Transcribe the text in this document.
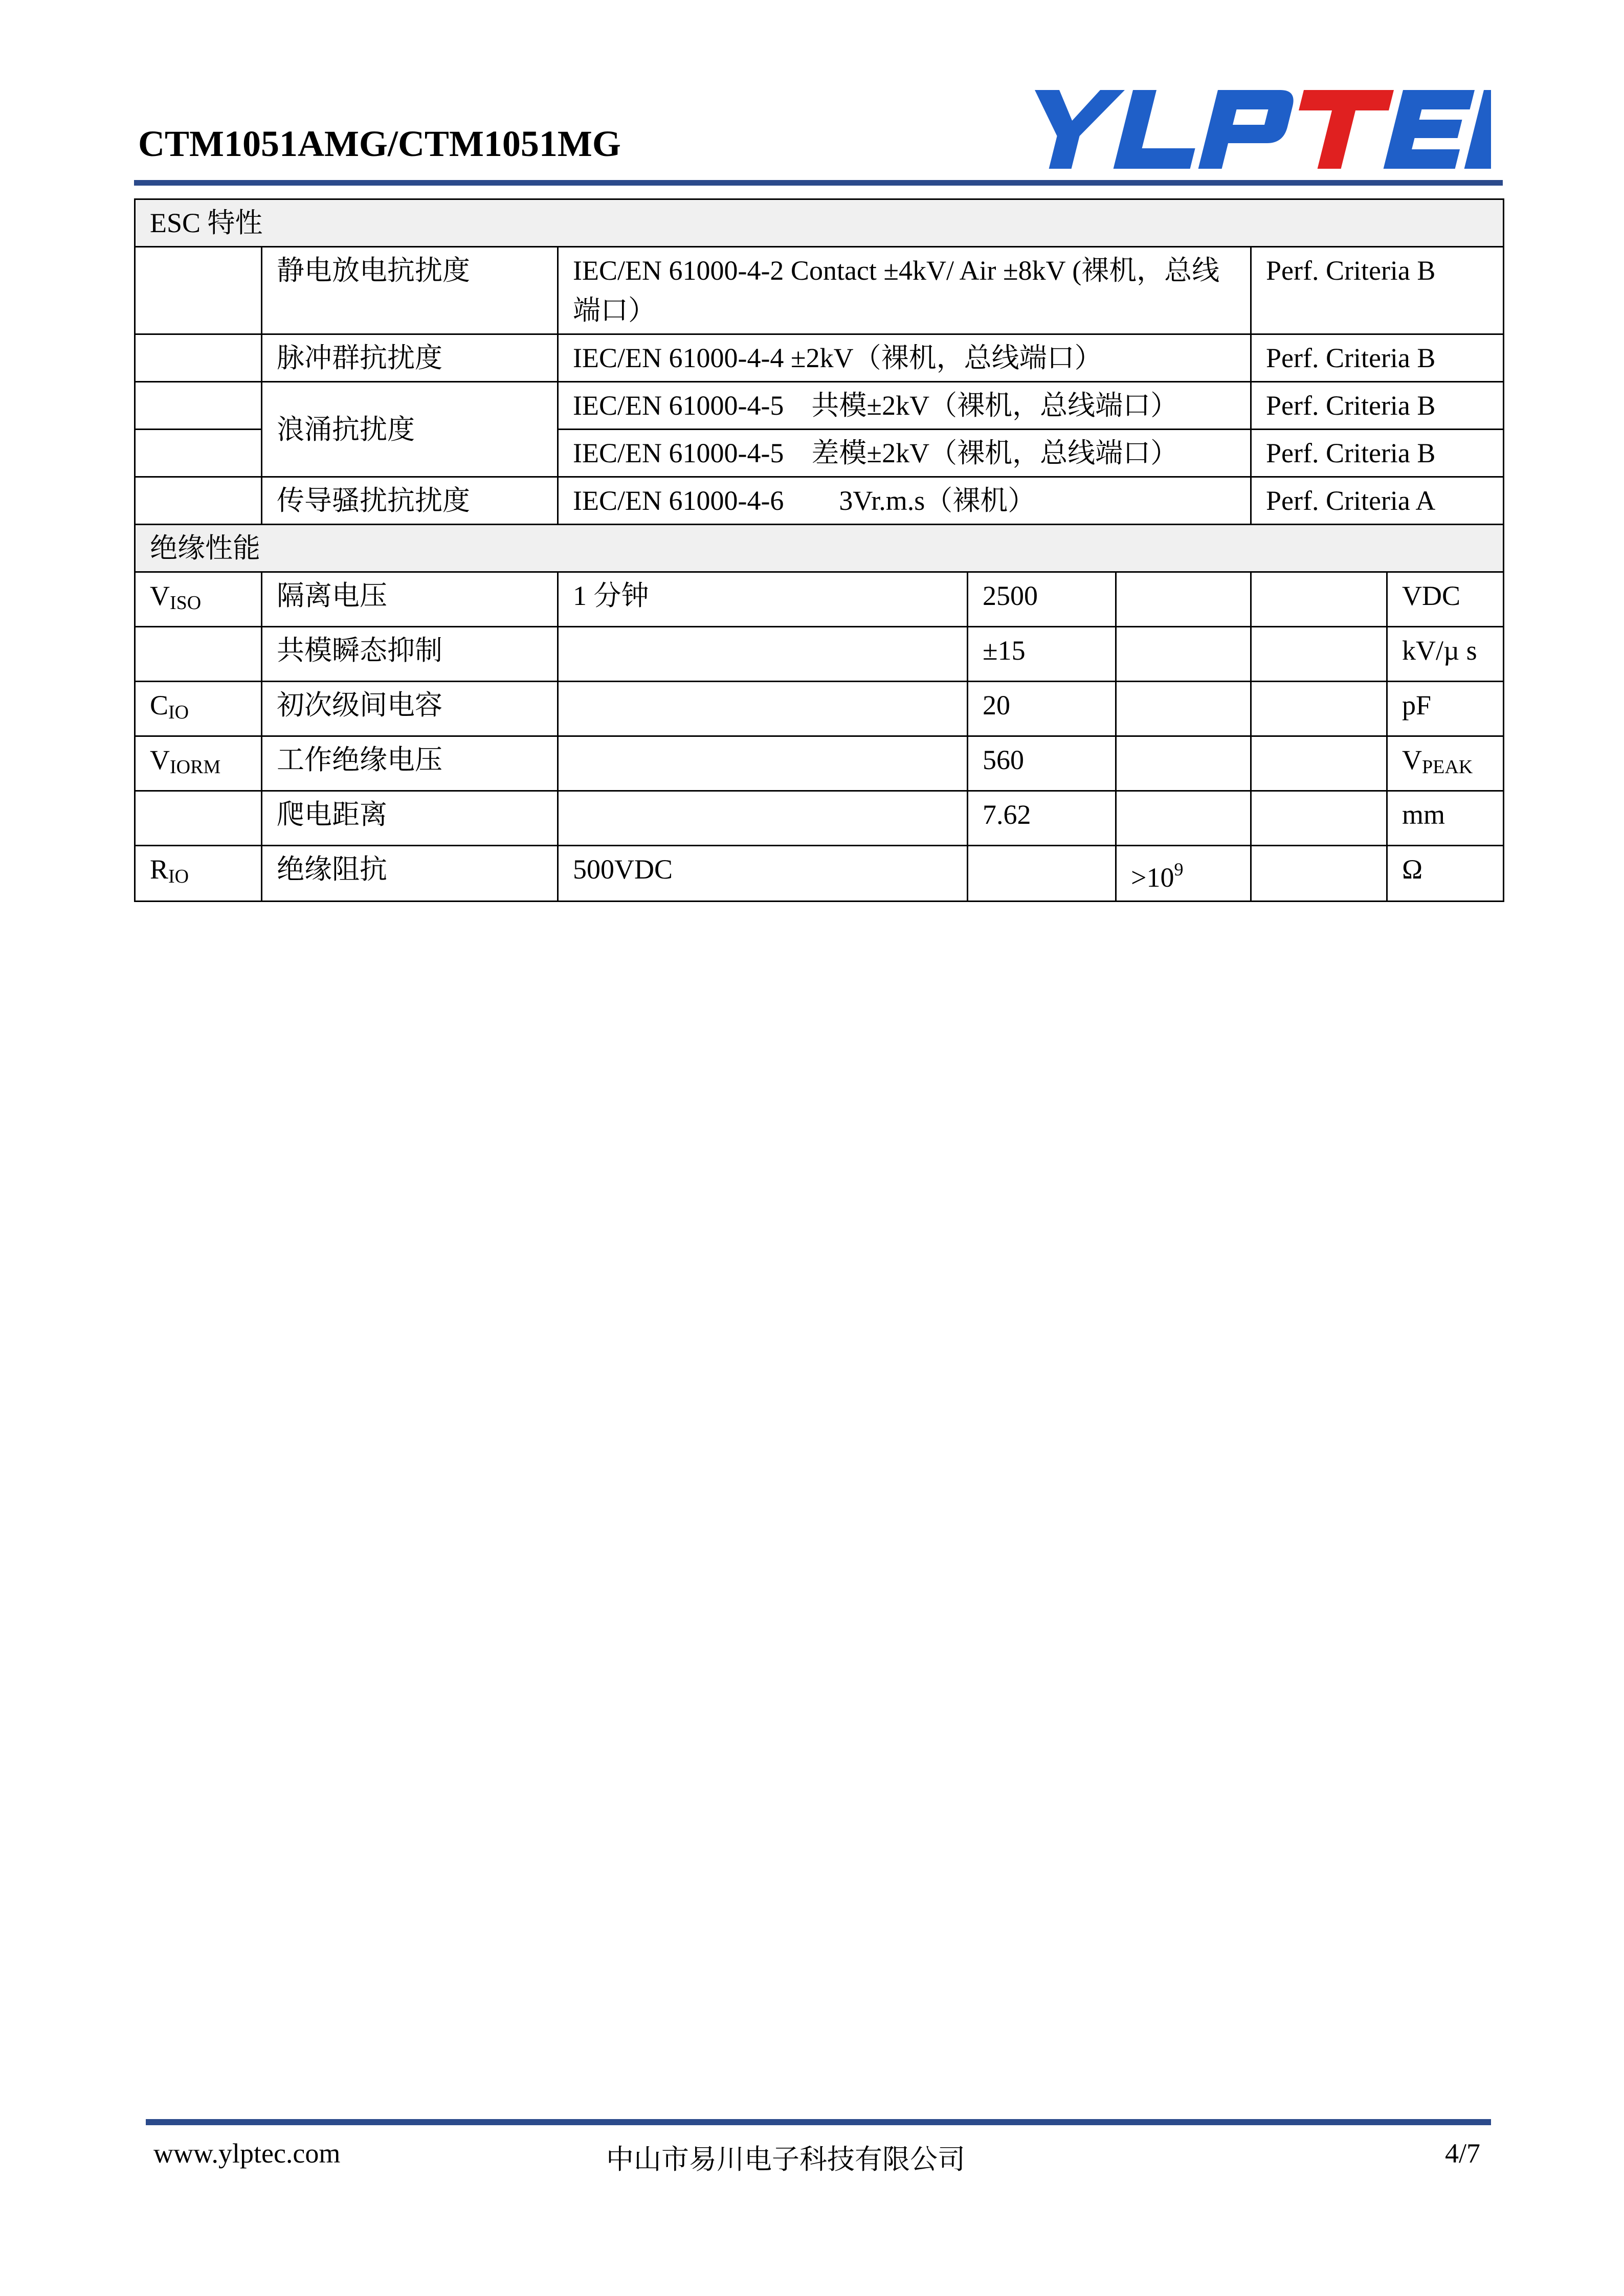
CTM1051AMG/CTM1051MG
ESC 特性						
	静电放电抗扰度	IEC/EN 61000-4-2 Contact ±4kV/ Air ±8kV (裸机，总线端口）			Perf. Criteria B	
	脉冲群抗扰度	IEC/EN 61000-4-4 ±2kV（裸机，总线端口）			Perf. Criteria B	
	浪涌抗扰度	IEC/EN 61000-4-5　共模±2kV（裸机，总线端口）			Perf. Criteria B	
		IEC/EN 61000-4-5　差模±2kV（裸机，总线端口）			Perf. Criteria B	
	传导骚扰抗扰度	IEC/EN 61000-4-6　　3Vr.m.s（裸机）			Perf. Criteria A	
绝缘性能						
$V_{ISO}$	隔离电压	1 分钟	2500			VDC
	共模瞬态抑制		±15			kV/µ s
$C_{IO}$	初次级间电容		20			pF
$V_{IORM}$	工作绝缘电压		560			$V_{PEAK}$
	爬电距离		7.62			mm
$R_{IO}$	绝缘阻抗	500VDC		$>10^9$		Ω
www.ylptec.com	中山市易川电子科技有限公司	4/7
